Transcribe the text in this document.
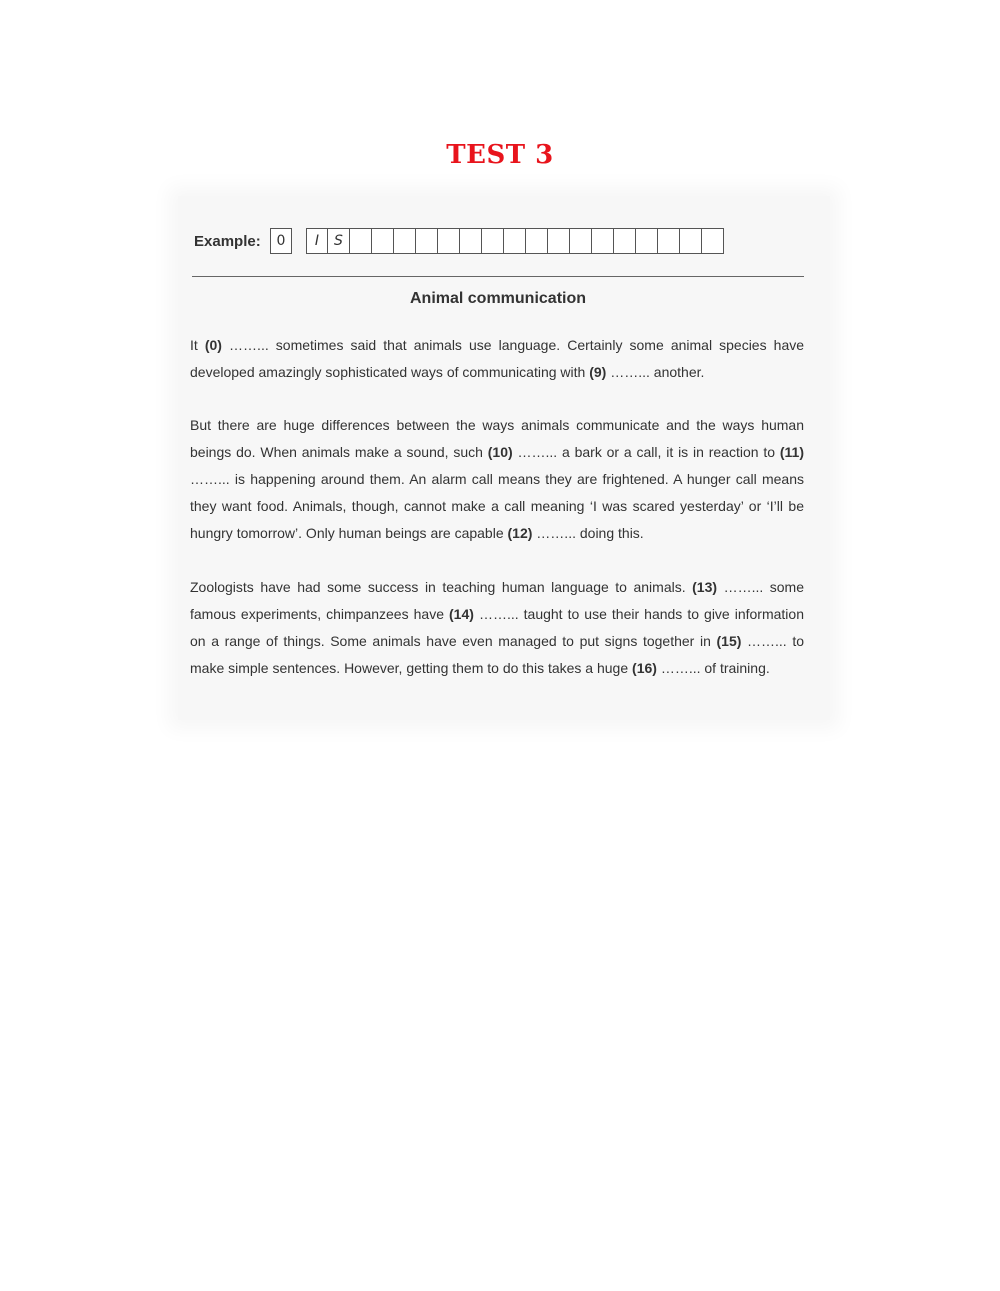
TEST 3
Example:	0	I	S
Animal communication
It (0) ……... sometimes said that animals use language. Certainly some animal species have developed amazingly sophisticated ways of communicating with (9) ……... another.
But there are huge differences between the ways animals communicate and the ways human beings do. When animals make a sound, such (10) ……... a bark or a call, it is in reaction to (11) ……... is happening around them. An alarm call means they are frightened. A hunger call means they want food. Animals, though, cannot make a call meaning ‘I was scared yesterday’ or ‘I’ll be hungry tomorrow’. Only human beings are capable (12) ……... doing this.
Zoologists have had some success in teaching human language to animals. (13) ……... some famous experiments, chimpanzees have (14) ……... taught to use their hands to give information on a range of things. Some animals have even managed to put signs together in (15) ……... to make simple sentences. However, getting them to do this takes a huge (16) ……... of training.
